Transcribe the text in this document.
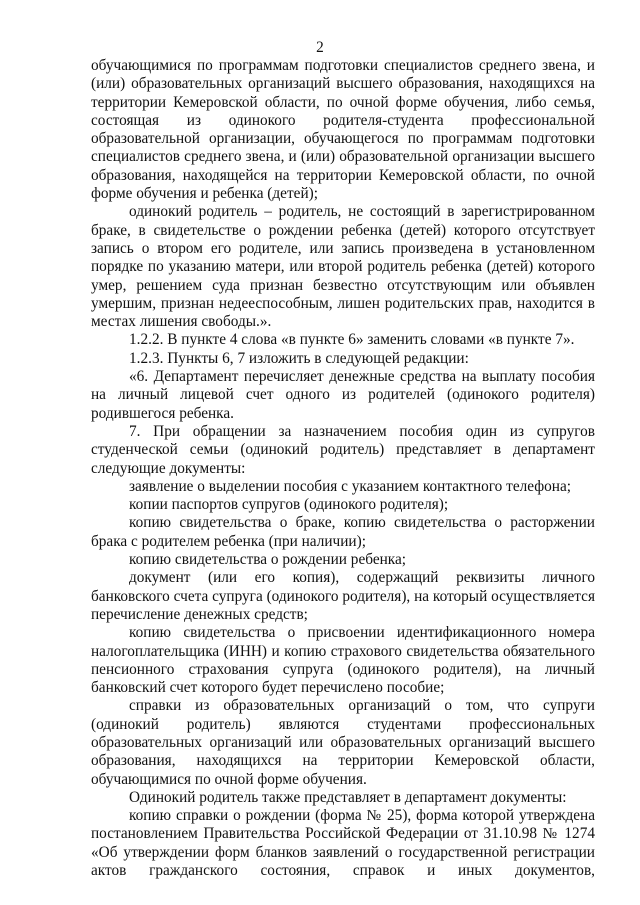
2

обучающимися по программам подготовки специалистов среднего звена, и (или) образовательных организаций высшего образования, находящихся на территории Кемеровской области, по очной форме обучения, либо семья, состоящая из одинокого родителя-студента профессиональной образовательной организации, обучающегося по программам подготовки специалистов среднего звена, и (или) образовательной организации высшего образования, находящейся на территории Кемеровской области, по очной форме обучения и ребенка (детей);

одинокий родитель – родитель, не состоящий в зарегистрированном браке, в свидетельстве о рождении ребенка (детей) которого отсутствует запись о втором его родителе, или запись произведена в установленном порядке по указанию матери, или второй родитель ребенка (детей) которого умер, решением суда признан безвестно отсутствующим или объявлен умершим, признан недееспособным, лишен родительских прав, находится в местах лишения свободы.».

1.2.2. В пункте 4 слова «в пункте 6» заменить словами «в пункте 7».

1.2.3. Пункты 6, 7 изложить в следующей редакции:

«6. Департамент перечисляет денежные средства на выплату пособия на личный лицевой счет одного из родителей (одинокого родителя) родившегося ребенка.

7. При обращении за назначением пособия один из супругов студенческой семьи (одинокий родитель) представляет в департамент следующие документы:

заявление о выделении пособия с указанием контактного телефона;

копии паспортов супругов (одинокого родителя);

копию свидетельства о браке, копию свидетельства о расторжении брака с родителем ребенка (при наличии);

копию свидетельства о рождении ребенка;

документ (или его копия), содержащий реквизиты личного банковского счета супруга (одинокого родителя), на который осуществляется перечисление денежных средств;

копию свидетельства о присвоении идентификационного номера налогоплательщика (ИНН) и копию страхового свидетельства обязательного пенсионного страхования супруга (одинокого родителя), на личный банковский счет которого будет перечислено пособие;

справки из образовательных организаций о том, что супруги (одинокий родитель) являются студентами профессиональных образовательных организаций или образовательных организаций высшего образования, находящихся на территории Кемеровской области, обучающимися по очной форме обучения.

Одинокий родитель также представляет в департамент документы:

копию справки о рождении (форма № 25), форма которой утверждена постановлением Правительства Российской Федерации от 31.10.98 № 1274 «Об утверждении форм бланков заявлений о государственной регистрации актов гражданского состояния, справок и иных документов,
